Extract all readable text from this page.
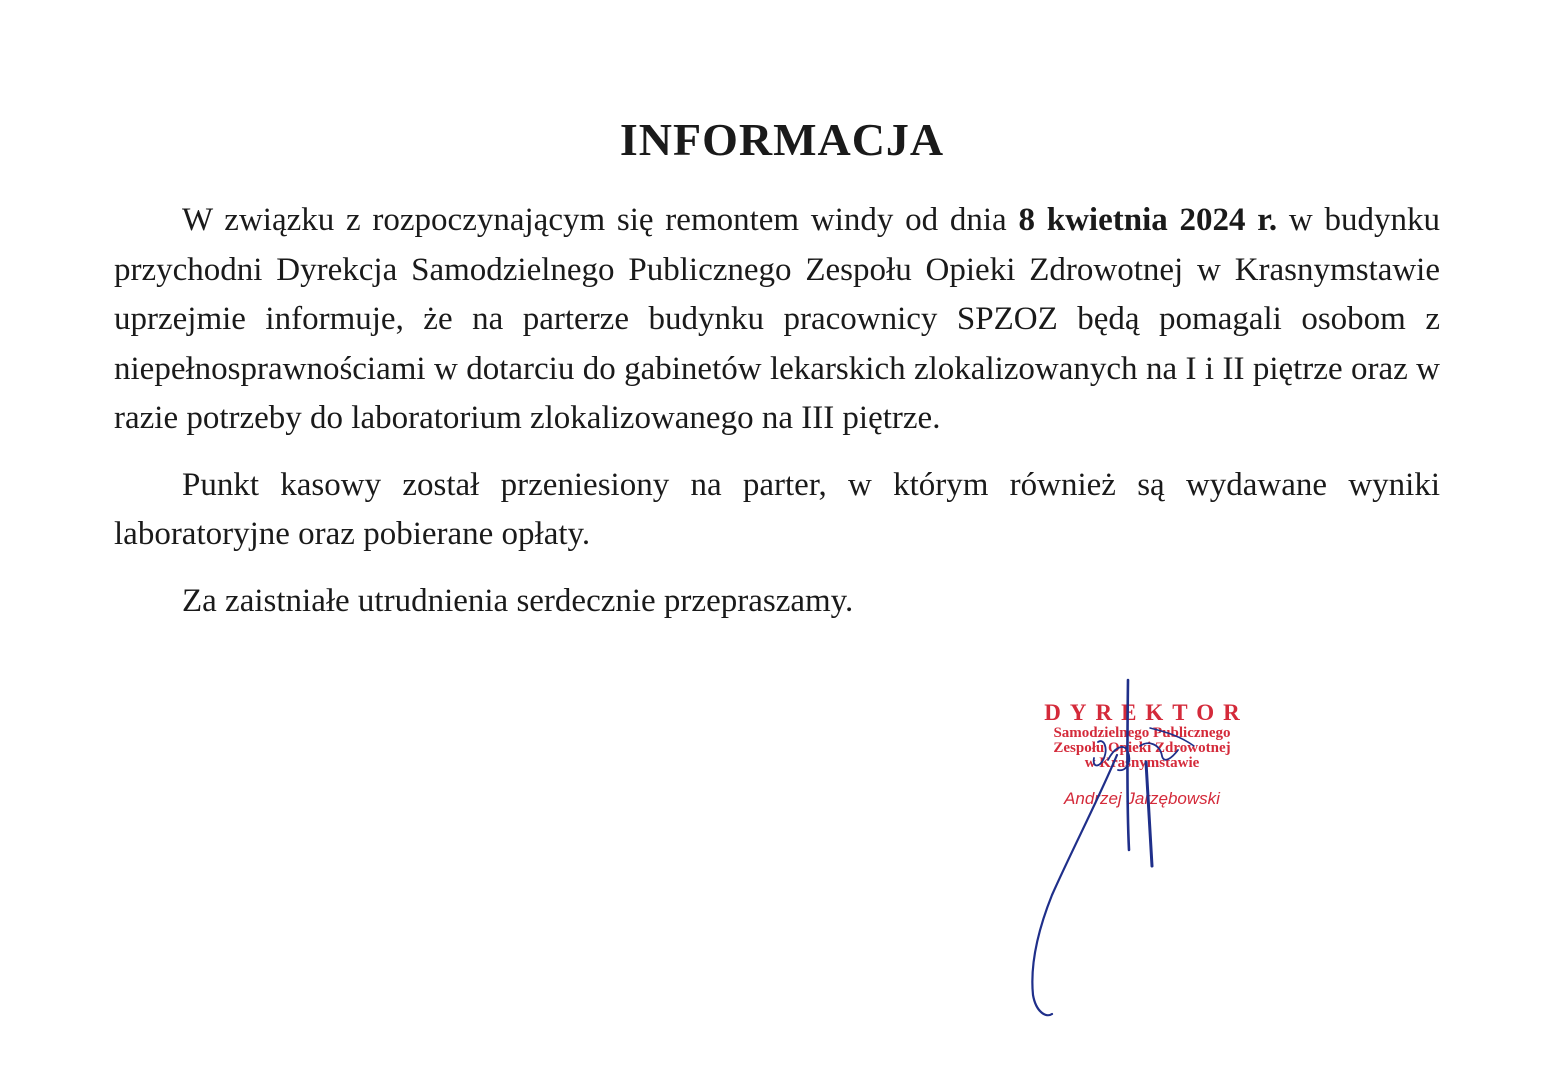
INFORMACJA

W związku z rozpoczynającym się remontem windy od dnia 8 kwietnia 2024 r. w budynku przychodni Dyrekcja Samodzielnego Publicznego Zespołu Opieki Zdrowotnej w Krasnymstawie uprzejmie informuje, że na parterze budynku pracownicy SPZOZ będą pomagali osobom z niepełnosprawnościami w dotarciu do gabinetów lekarskich zlokalizowanych na I i II piętrze oraz w razie potrzeby do laboratorium zlokalizowanego na III piętrze.

Punkt kasowy został przeniesiony na parter, w którym również są wydawane wyniki laboratoryjne oraz pobierane opłaty.

Za zaistniałe utrudnienia serdecznie przepraszamy.

DYREKTOR
Samodzielnego Publicznego
Zespołu Opieki Zdrowotnej
w Krasnymstawie
Andrzej Jarzębowski
